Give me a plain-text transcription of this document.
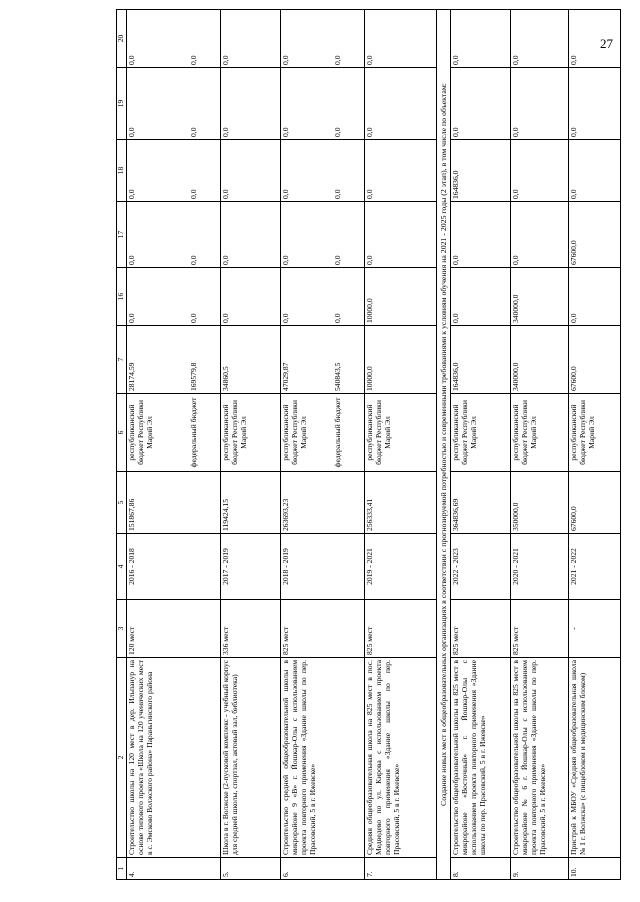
27
1	2	3	4	5	6	7	16	17	18	19	20
4.	Строительство школы на 120 мест в дер. Ильпанур на основе типового проекта «Школа на 120 ученических мест в с. Эмсково Волжского района» Параньгинского района	120 мест	2016 - 2018	151867,86	республиканский бюджет Республики Марий Эл	28174,59	0,0	0,0	0,0	0,0	0,0
					федеральный бюджет	169579,8	0,0	0,0	0,0	0,0	0,0
5.	Школа в г. Волжске (2-пусковой комплекс - учебный корпус для средней школы, спортзал, актовый зал, библиотека)	336 мест	2017 - 2019	119424,15	республиканский бюджет Республики Марий Эл	34860,5	0,0	0,0	0,0	0,0	0,0
6.	Строительство средней общеобразовательной школы в микрорайоне 9 «В» г. Йошкар-Олы с использованием проекта повторного применения «Здание школы по пер. Прасовский, 5 в г. Ижевске»	825 мест	2018 - 2019	263693,23	республиканский бюджет Республики Марий Эл	47029,87	0,0	0,0	0,0	0,0	0,0
					федеральный бюджет	540843,5	0,0	0,0	0,0	0,0	0,0
7.	Средняя общеобразовательная школа на 825 мест в пос. Медведево по ул. Кирова с использованием проекта повторного применения «Здание школы по пер. Прасовский, 5 в г. Ижевске»	825 мест	2019 - 2021	256333,41	республиканский бюджет Республики Марий Эл	10000,0	10000,0	0,0	0,0	0,0	0,0
Создание новых мест в общеобразовательных организациях в соответствии с прогнозируемой потребностью и современными требованиями к условиям обучения на 2021 - 2025 годы (2 этап), в том числе по объектам:											
8.	Строительство общеобразовательной школы на 825 мест в микрорайоне «Восточный» г. Йошкар-Олы с использованием проекта повторного применения «Здание школы по пер. Прасовский, 5 в г. Ижевске»	825 мест	2022 - 2023	364836,69	республиканский бюджет Республики Марий Эл	164836,0	0,0	0,0	164836,0	0,0	0,0
9.	Строительство общеобразовательной школы на 825 мест в микрорайоне № 6 г. Йошкар-Олы с использованием проекта повторного применения «Здание школы по пер. Прасовский, 5 в г. Ижевске»	825 мест	2020 - 2021	350000,0	республиканский бюджет Республики Марий Эл	340000,0	340000,0	0,0	0,0	0,0	0,0
10.	Пристрой к МБОУ «Средняя общеобразовательная школа № 1 г. Волжска» (с пищеблоком и медицинским блоком)	-	2021 - 2022	67600,0	республиканский бюджет Республики Марий Эл	67600,0	0,0	67600,0	0,0	0,0	0,0
